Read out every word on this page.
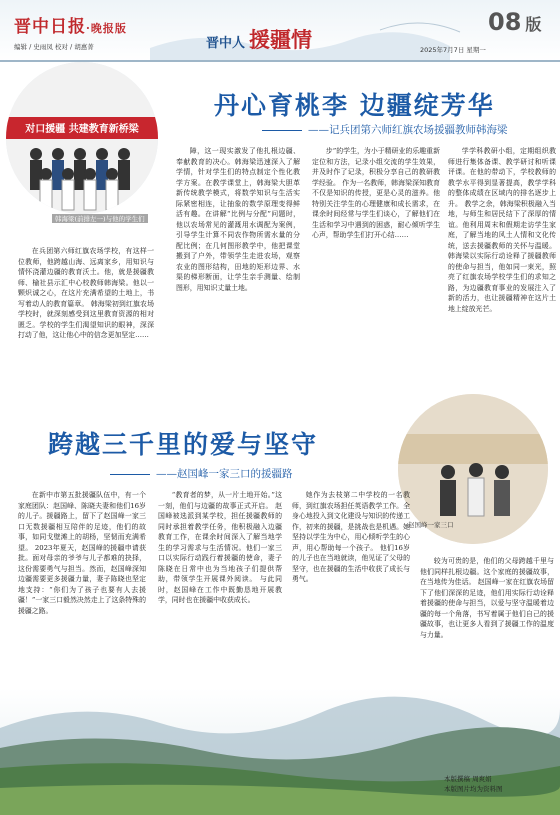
晋中日报·晚报版
编辑 / 史雨凤 校对 / 胡惠菁	晋中人 援疆情
08 版
2025年7月7日 星期一
对口援疆 共建教育新桥梁
韩海梁(前排左一)与他的学生们
丹心育桃李 边疆绽芳华
——记兵团第六师红旗农场援疆教师韩海梁

在兵团第六师红旗农场学校，有这样一位教师，他跨越山海、远离家乡，用知识与情怀浇灌边疆的教育沃土。他，就是援疆教师、榆社县示汇中心校教师韩海梁。他以一颗炽诚之心，在这片充满希望的土地上，书写着动人的教育篇章。 韩海梁初到红旗农场学校时，就深刻感受到这里教育资源的相对匮乏。学校的学生们渴望知识的眼神，深深打动了他，这让他心中的信念更加坚定……

障，这一现实激发了他扎根边疆、奉献教育的决心。韩海梁迅速深入了解学情，针对学生们的特点制定个性化教学方案。在教学课堂上，韩海梁大胆革新传统教学模式，将数学知识与生活实际紧密相连，让抽象的数学原理变得鲜活有趣。在讲解“比例与分配”问题时，他以农场常见的灌溉用水调配为案例，引导学生计算不同农作物所需水量的分配比例；在几何图形教学中，他把课堂搬到了户外，带领学生走进农场，观察农业的图形结构，田地的矩形边界、水渠的梯形断面，让学生亲手测量、绘制图形，用知识丈量土地。

步”的学生，为小于精研业的乐趣重新定位和方法，记录小组交流的学生效果，并及时作了记录，积极分享自己的教研教学经验。 作为一名教师，韩海梁深知教育不仅是知识的传授，更是心灵的滋养。他特别关注学生的心理健康和成长需求，在课余时间经常与学生们谈心，了解他们在生活和学习中遇到的困惑，耐心倾听学生心声，帮助学生们打开心结……

学学科教研小组，定期组织教师进行集体备课、教学研讨和听课评课。在他的带动下，学校教师的教学水平得到显著提高，教学学科的整体成绩在区域内的排名逐步上升。 教学之余，韩海梁积极融入当地，与师生和居民结下了深厚的情谊。他利用周末和假期走访学生家庭，了解当地的风土人情和文化传统，送去援疆教师的关怀与温暖。 韩海梁以实际行动诠释了援疆教师的使命与担当，他如同一束光，照亮了红旗农场学校学生们的求知之路，为边疆教育事业的发展注入了新的活力，也让援疆精神在这片土地上绽放光芒。

跨越三千里的爱与坚守
——赵国峰一家三口的援疆路
赵国峰一家三口

在新中市第五批援疆队伍中，有一个家庭团队：赵国峰、陈晓夫妻和他们16岁的儿子。援疆路上，留下了赵国峰一家三口无数援疆相互陪伴的足迹，他们的故事，如同戈壁滩上的胡杨，坚韧而充满希望。 2023年夏天，赵国峰的援疆申请获批。面对母亲的爷爷与儿子都难的抉择，这份需要勇气与担当。然而，赵国峰深知边疆需要更多援疆力量，妻子陈晓也坚定地支持：“你们为了孩子也要有人去援疆！”一家三口毅然决然走上了这条特殊的援疆之路。

“教育者的梦，从一片土地开始。”这一刻，他们与边疆的故事正式开启。 赵国峰被选派到某学校，担任援疆教师的同时承担着教学任务，他积极融入边疆教育工作，在课余时间深入了解当地学生的学习需求与生活情况。他们一家三口以实际行动践行着援疆的使命，妻子陈晓在日常中也为当地孩子们提供帮助，带领学生开展课外阅读。 与此同时，赵国峰在工作中既勤恳地开展教学，同时也在援疆中收获成长。

她作为去枝第二中学校的一名教师，到红旗农场担任英语教学工作。全身心地投入到文化建设与知识的传递工作，初来的援疆，是挑战也是机遇。她坚持以学生为中心，用心倾听学生的心声，用心帮助每一个孩子。 他们16岁的儿子也在当地就读，他见证了父母的坚守，也在援疆的生活中收获了成长与勇气。

较为可贵的是，他们的父母跨越千里与他们同样扎根边疆。这个家庭的援疆故事，在当地传为佳话。 赵国峰一家在红旗农场留下了他们深深的足迹，他们用实际行动诠释着援疆的使命与担当，以爱与坚守温暖着边疆的每一个角落，书写着属于他们自己的援疆故事，也让更多人看到了援疆工作的温度与力量。

本版撰稿 周爽娟
本版图片均为资料图
